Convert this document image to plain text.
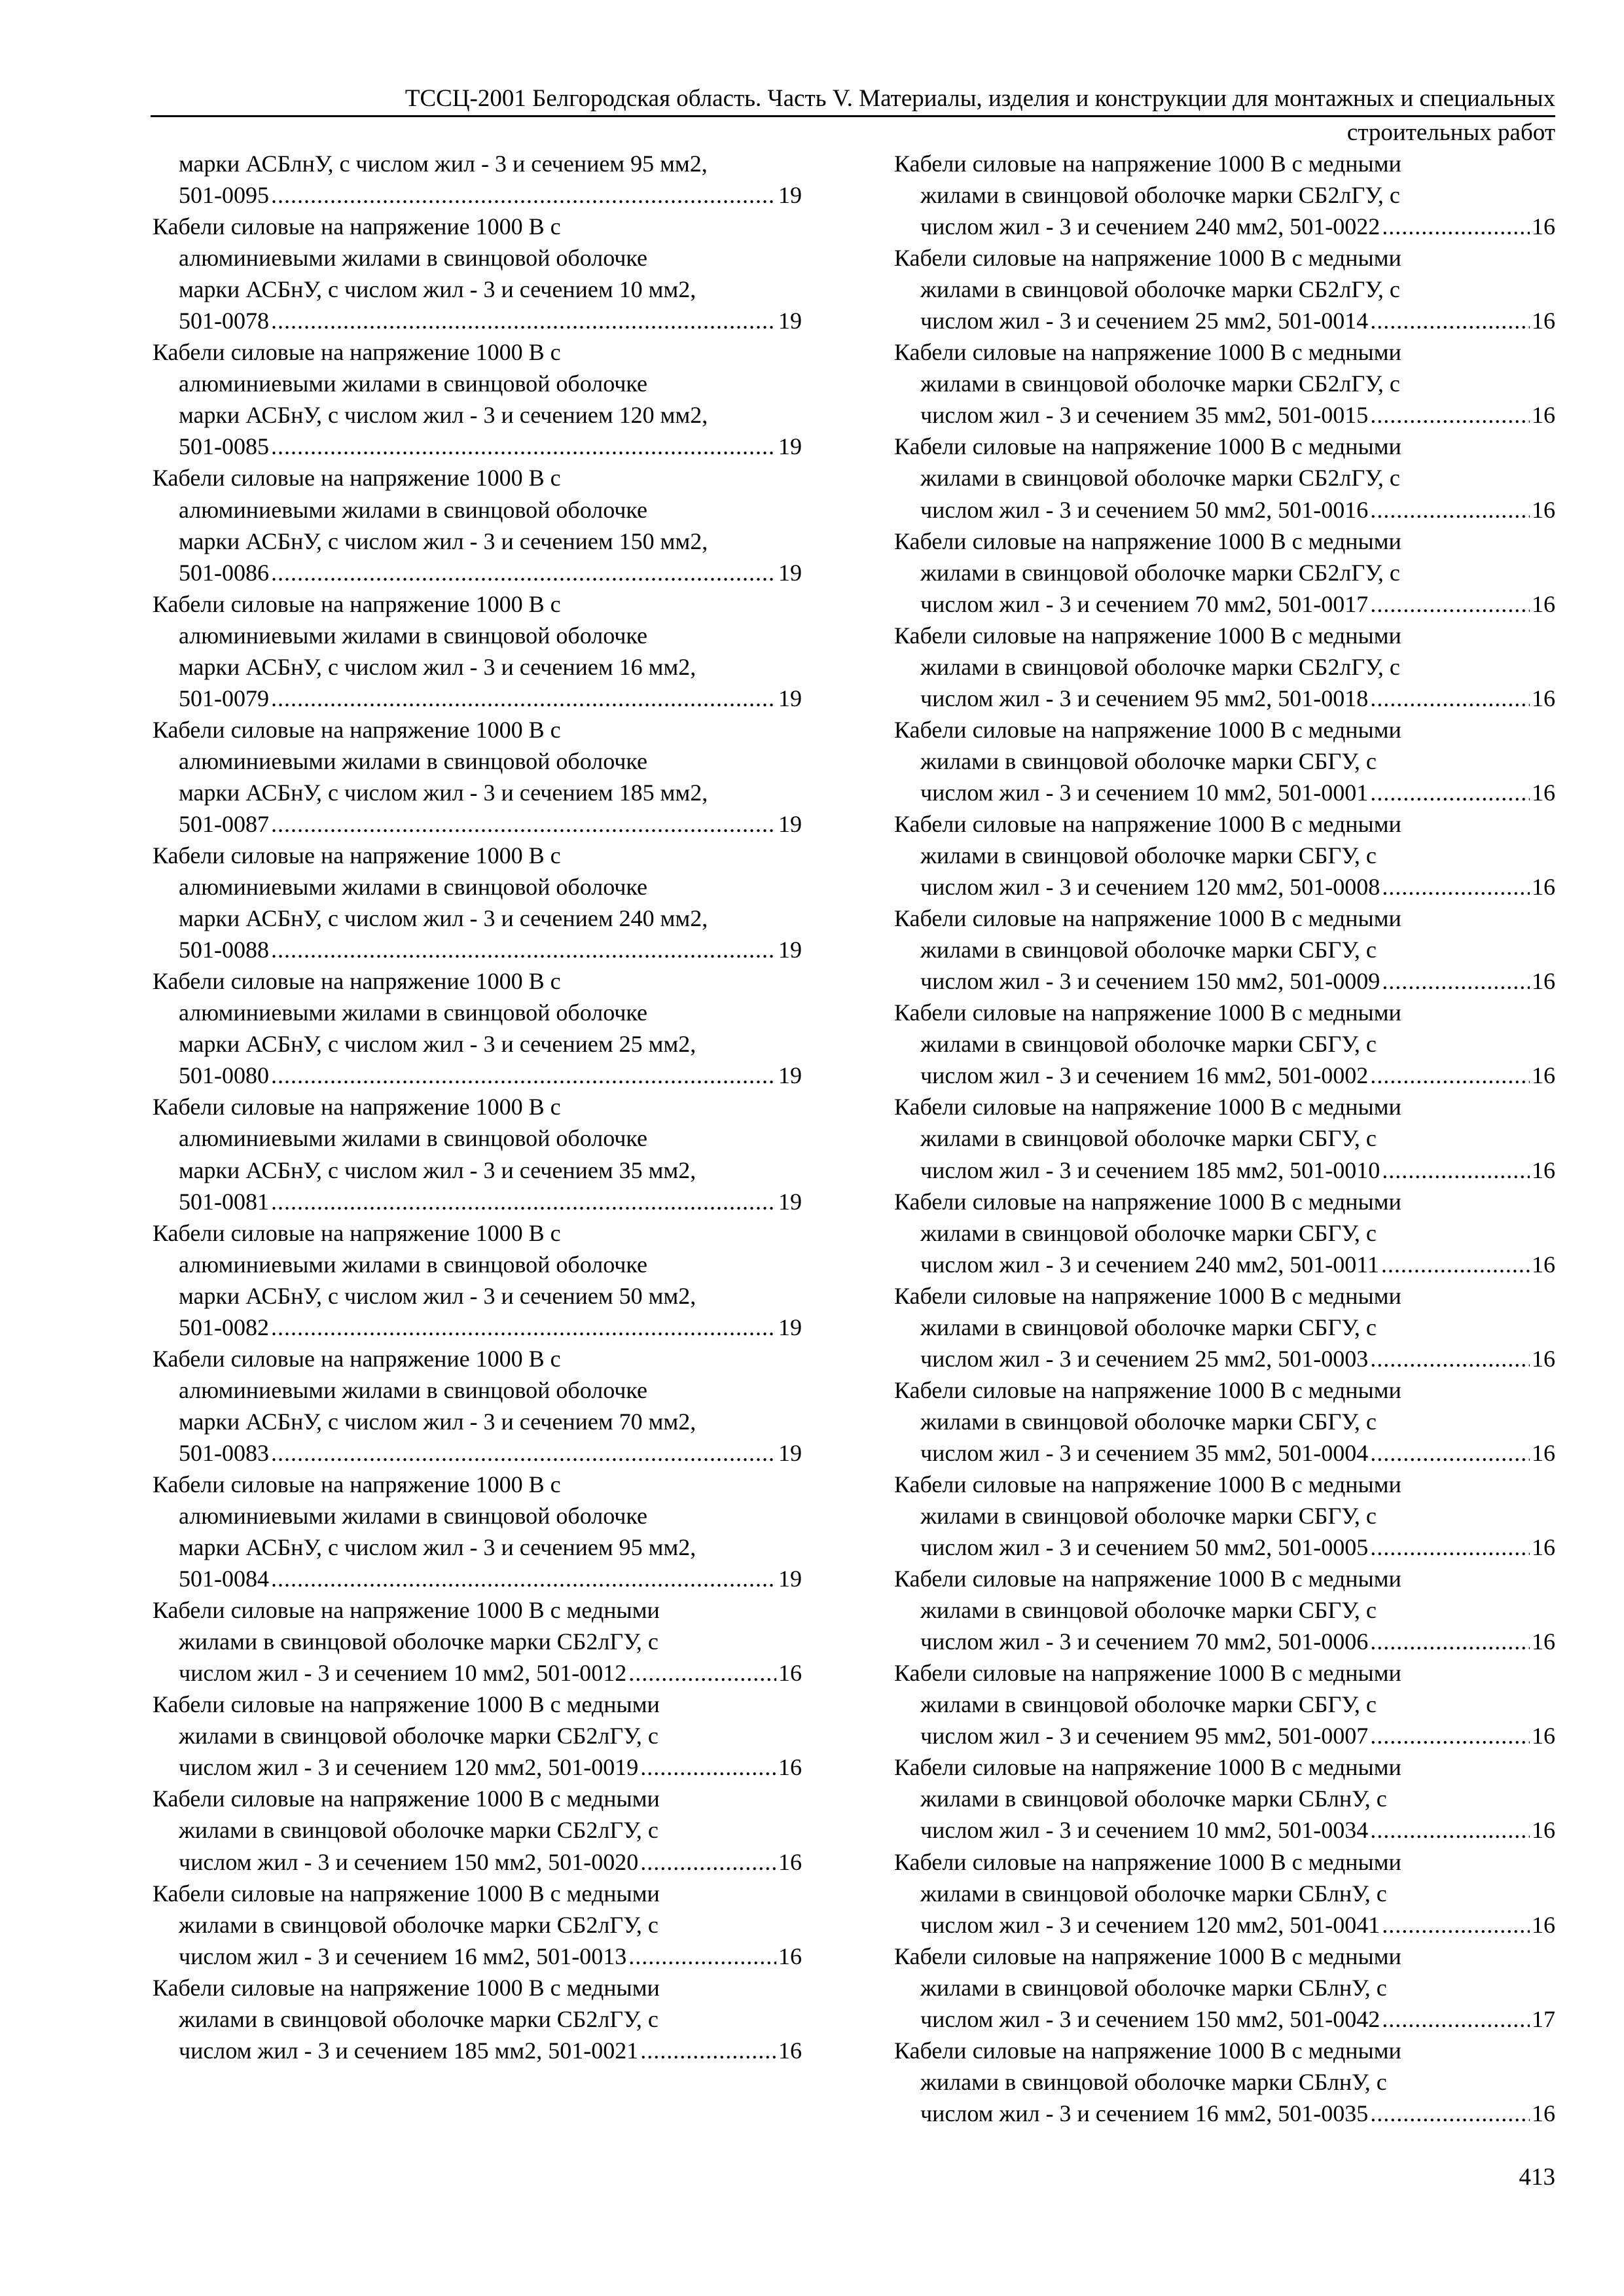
ТССЦ-2001 Белгородская область. Часть V. Материалы, изделия и конструкции для монтажных и специальных
строительных работ
марки АСБлнУ, с числом жил - 3 и сечением 95 мм2,
501-0095 .....	19
Кабели силовые на напряжение 1000 В с
алюминиевыми жилами в свинцовой оболочке
марки АСБнУ, с числом жил - 3 и сечением 10 мм2,
501-0078 .....	19
Кабели силовые на напряжение 1000 В с
алюминиевыми жилами в свинцовой оболочке
марки АСБнУ, с числом жил - 3 и сечением 120 мм2,
501-0085 .....	19
Кабели силовые на напряжение 1000 В с
алюминиевыми жилами в свинцовой оболочке
марки АСБнУ, с числом жил - 3 и сечением 150 мм2,
501-0086 .....	19
Кабели силовые на напряжение 1000 В с
алюминиевыми жилами в свинцовой оболочке
марки АСБнУ, с числом жил - 3 и сечением 16 мм2,
501-0079 .....	19
Кабели силовые на напряжение 1000 В с
алюминиевыми жилами в свинцовой оболочке
марки АСБнУ, с числом жил - 3 и сечением 185 мм2,
501-0087 .....	19
Кабели силовые на напряжение 1000 В с
алюминиевыми жилами в свинцовой оболочке
марки АСБнУ, с числом жил - 3 и сечением 240 мм2,
501-0088 .....	19
Кабели силовые на напряжение 1000 В с
алюминиевыми жилами в свинцовой оболочке
марки АСБнУ, с числом жил - 3 и сечением 25 мм2,
501-0080 .....	19
Кабели силовые на напряжение 1000 В с
алюминиевыми жилами в свинцовой оболочке
марки АСБнУ, с числом жил - 3 и сечением 35 мм2,
501-0081 .....	19
Кабели силовые на напряжение 1000 В с
алюминиевыми жилами в свинцовой оболочке
марки АСБнУ, с числом жил - 3 и сечением 50 мм2,
501-0082 .....	19
Кабели силовые на напряжение 1000 В с
алюминиевыми жилами в свинцовой оболочке
марки АСБнУ, с числом жил - 3 и сечением 70 мм2,
501-0083 .....	19
Кабели силовые на напряжение 1000 В с
алюминиевыми жилами в свинцовой оболочке
марки АСБнУ, с числом жил - 3 и сечением 95 мм2,
501-0084 .....	19
Кабели силовые на напряжение 1000 В с медными
жилами в свинцовой оболочке марки СБ2лГУ, с
числом жил - 3 и сечением 10 мм2, 501-0012 .....	16
Кабели силовые на напряжение 1000 В с медными
жилами в свинцовой оболочке марки СБ2лГУ, с
числом жил - 3 и сечением 120 мм2, 501-0019 .....	16
Кабели силовые на напряжение 1000 В с медными
жилами в свинцовой оболочке марки СБ2лГУ, с
числом жил - 3 и сечением 150 мм2, 501-0020 .....	16
Кабели силовые на напряжение 1000 В с медными
жилами в свинцовой оболочке марки СБ2лГУ, с
числом жил - 3 и сечением 16 мм2, 501-0013 .....	16
Кабели силовые на напряжение 1000 В с медными
жилами в свинцовой оболочке марки СБ2лГУ, с
числом жил - 3 и сечением 185 мм2, 501-0021 .....	16
Кабели силовые на напряжение 1000 В с медными
жилами в свинцовой оболочке марки СБ2лГУ, с
числом жил - 3 и сечением 240 мм2, 501-0022 .....	16
Кабели силовые на напряжение 1000 В с медными
жилами в свинцовой оболочке марки СБ2лГУ, с
числом жил - 3 и сечением 25 мм2, 501-0014 .....	16
Кабели силовые на напряжение 1000 В с медными
жилами в свинцовой оболочке марки СБ2лГУ, с
числом жил - 3 и сечением 35 мм2, 501-0015 .....	16
Кабели силовые на напряжение 1000 В с медными
жилами в свинцовой оболочке марки СБ2лГУ, с
числом жил - 3 и сечением 50 мм2, 501-0016 .....	16
Кабели силовые на напряжение 1000 В с медными
жилами в свинцовой оболочке марки СБ2лГУ, с
числом жил - 3 и сечением 70 мм2, 501-0017 .....	16
Кабели силовые на напряжение 1000 В с медными
жилами в свинцовой оболочке марки СБ2лГУ, с
числом жил - 3 и сечением 95 мм2, 501-0018 .....	16
Кабели силовые на напряжение 1000 В с медными
жилами в свинцовой оболочке марки СБГУ, с
числом жил - 3 и сечением 10 мм2, 501-0001 .....	16
Кабели силовые на напряжение 1000 В с медными
жилами в свинцовой оболочке марки СБГУ, с
числом жил - 3 и сечением 120 мм2, 501-0008 .....	16
Кабели силовые на напряжение 1000 В с медными
жилами в свинцовой оболочке марки СБГУ, с
числом жил - 3 и сечением 150 мм2, 501-0009 .....	16
Кабели силовые на напряжение 1000 В с медными
жилами в свинцовой оболочке марки СБГУ, с
числом жил - 3 и сечением 16 мм2, 501-0002 .....	16
Кабели силовые на напряжение 1000 В с медными
жилами в свинцовой оболочке марки СБГУ, с
числом жил - 3 и сечением 185 мм2, 501-0010 .....	16
Кабели силовые на напряжение 1000 В с медными
жилами в свинцовой оболочке марки СБГУ, с
числом жил - 3 и сечением 240 мм2, 501-0011 .....	16
Кабели силовые на напряжение 1000 В с медными
жилами в свинцовой оболочке марки СБГУ, с
числом жил - 3 и сечением 25 мм2, 501-0003 .....	16
Кабели силовые на напряжение 1000 В с медными
жилами в свинцовой оболочке марки СБГУ, с
числом жил - 3 и сечением 35 мм2, 501-0004 .....	16
Кабели силовые на напряжение 1000 В с медными
жилами в свинцовой оболочке марки СБГУ, с
числом жил - 3 и сечением 50 мм2, 501-0005 .....	16
Кабели силовые на напряжение 1000 В с медными
жилами в свинцовой оболочке марки СБГУ, с
числом жил - 3 и сечением 70 мм2, 501-0006 .....	16
Кабели силовые на напряжение 1000 В с медными
жилами в свинцовой оболочке марки СБГУ, с
числом жил - 3 и сечением 95 мм2, 501-0007 .....	16
Кабели силовые на напряжение 1000 В с медными
жилами в свинцовой оболочке марки СБлнУ, с
числом жил - 3 и сечением 10 мм2, 501-0034 .....	16
Кабели силовые на напряжение 1000 В с медными
жилами в свинцовой оболочке марки СБлнУ, с
числом жил - 3 и сечением 120 мм2, 501-0041 .....	16
Кабели силовые на напряжение 1000 В с медными
жилами в свинцовой оболочке марки СБлнУ, с
числом жил - 3 и сечением 150 мм2, 501-0042 .....	17
Кабели силовые на напряжение 1000 В с медными
жилами в свинцовой оболочке марки СБлнУ, с
числом жил - 3 и сечением 16 мм2, 501-0035 .....	16
413
